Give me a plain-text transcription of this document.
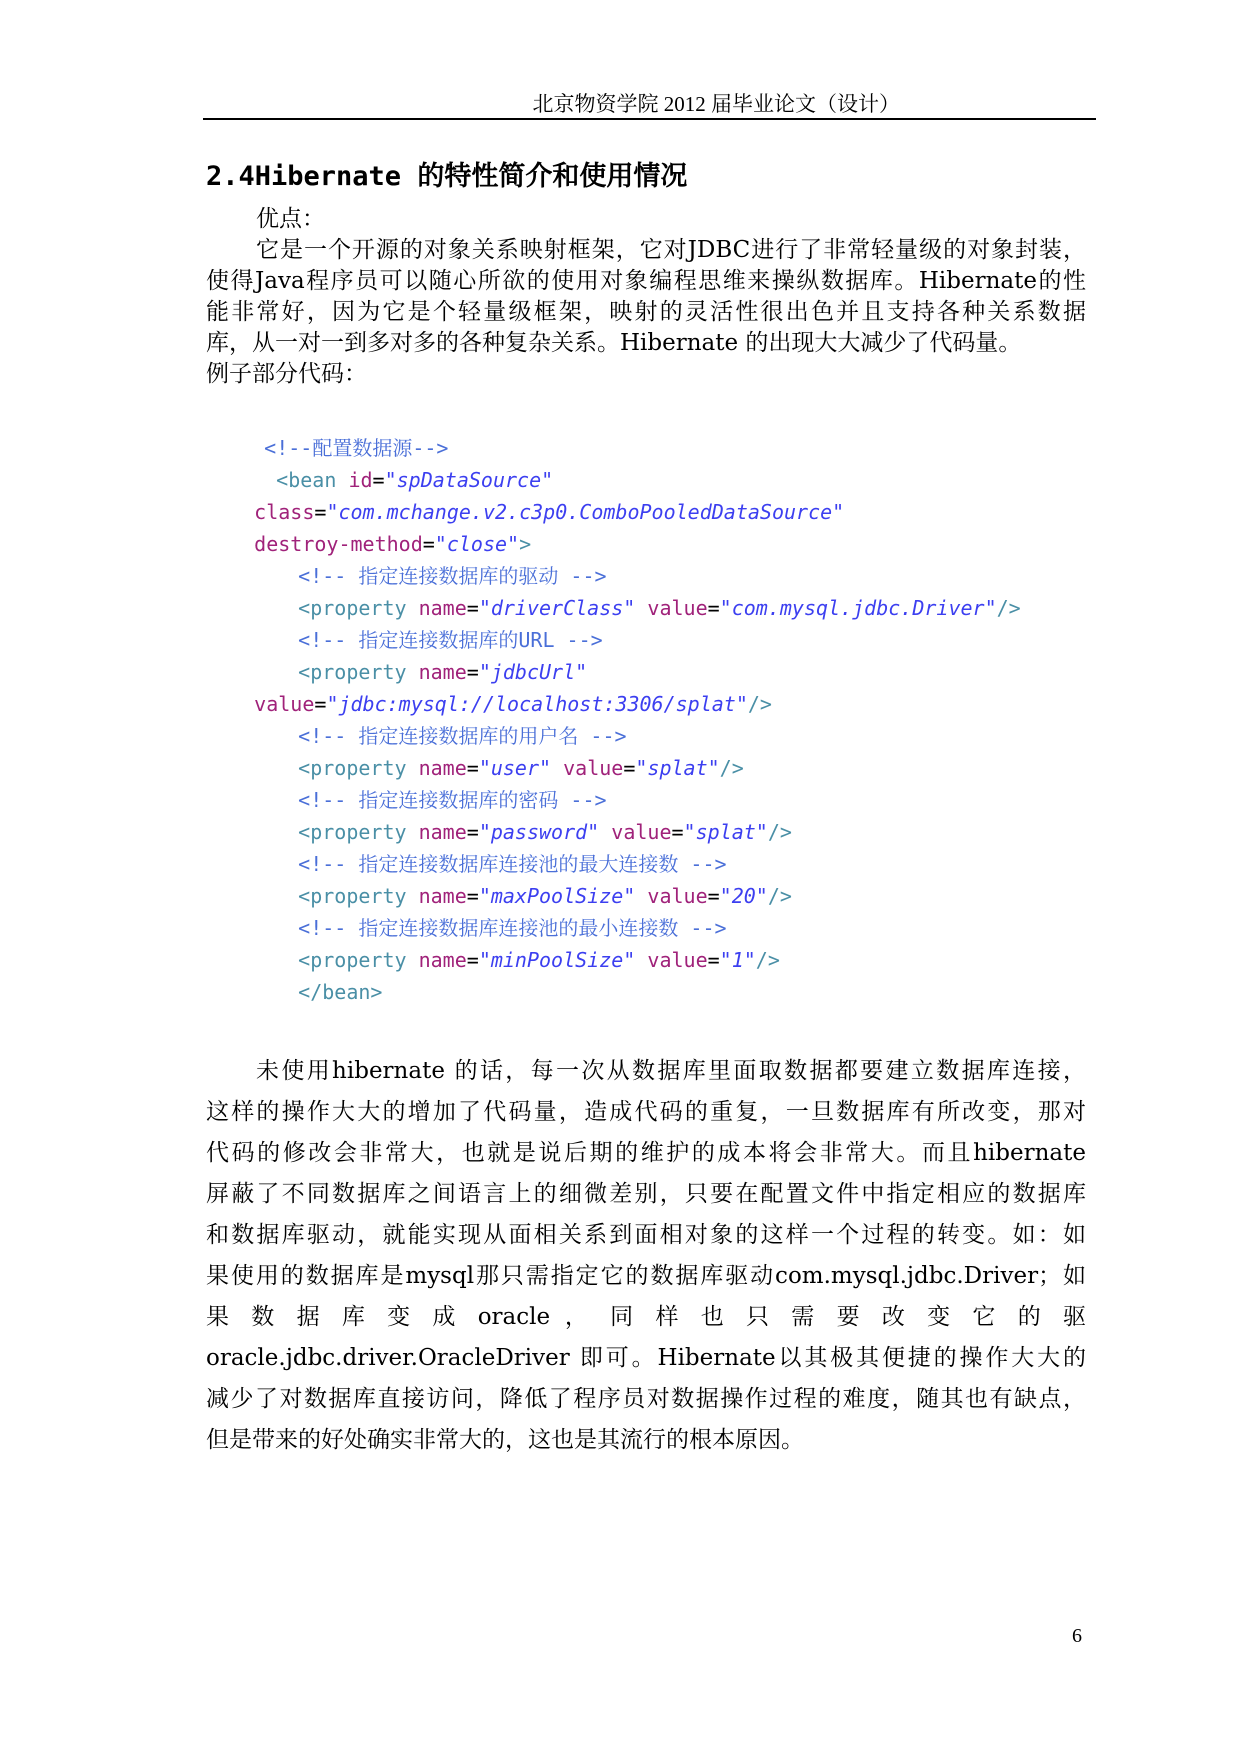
北京物资学院 2012 届毕业论文（设计）
2.4Hibernate 的特性简介和使用情况
优点：
它是一个开源的对象关系映射框架，它对JDBC进行了非常轻量级的对象封装，
使得Java程序员可以随心所欲的使用对象编程思维来操纵数据库。Hibernate的性
能非常好，因为它是个轻量级框架，映射的灵活性很出色并且支持各种关系数据
库，从一对一到多对多的各种复杂关系。Hibernate 的出现大大减少了代码量。
例子部分代码：

<!--配置数据源-->

<bean id="spDataSource"

class="com.mchange.v2.c3p0.ComboPooledDataSource"

destroy-method="close">

<!-- 指定连接数据库的驱动 -->

<property name="driverClass" value="com.mysql.jdbc.Driver"/>

<!-- 指定连接数据库的URL -->

<property name="jdbcUrl"

value="jdbc:mysql://localhost:3306/splat"/>

<!-- 指定连接数据库的用户名 -->

<property name="user" value="splat"/>

<!-- 指定连接数据库的密码 -->

<property name="password" value="splat"/>

<!-- 指定连接数据库连接池的最大连接数 -->

<property name="maxPoolSize" value="20"/>

<!-- 指定连接数据库连接池的最小连接数 -->

<property name="minPoolSize" value="1"/>

</bean>

未使用hibernate 的话，每一次从数据库里面取数据都要建立数据库连接，
这样的操作大大的增加了代码量，造成代码的重复，一旦数据库有所改变，那对
代码的修改会非常大，也就是说后期的维护的成本将会非常大。而且hibernate
屏蔽了不同数据库之间语言上的细微差别，只要在配置文件中指定相应的数据库
和数据库驱动，就能实现从面相关系到面相对象的这样一个过程的转变。如：如
果使用的数据库是mysql那只需指定它的数据库驱动com.mysql.jdbc.Driver；如
果 数 据 库 变 成 oracle ， 同 样 也 只 需 要 改 变 它 的 驱
oracle.jdbc.driver.OracleDriver 即可。Hibernate以其极其便捷的操作大大的
减少了对数据库直接访问，降低了程序员对数据操作过程的难度，随其也有缺点，
但是带来的好处确实非常大的，这也是其流行的根本原因。
6
